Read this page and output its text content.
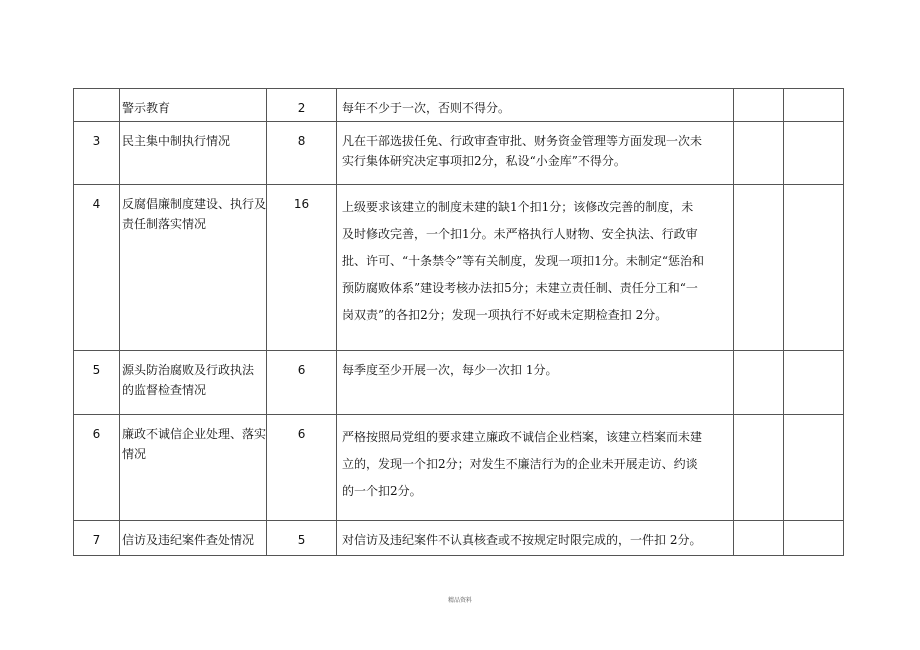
	警示教育	2	每年不少于一次，否则不得分。		

3	民主集中制执行情况	8	凡在干部选拔任免、行政审查审批、财务资金管理等方面发现一次未
实行集体研究决定事项扣2分，私设“小金库”不得分。		

4	反腐倡廉制度建设、执行及
责任制落实情况	16	上级要求该建立的制度未建的缺1个扣1分；该修改完善的制度，未
及时修改完善，一个扣1分。未严格执行人财物、安全执法、行政审
批、许可、“十条禁令”等有关制度，发现一项扣1分。未制定“惩治和
预防腐败体系”建设考核办法扣5分；未建立责任制、责任分工和“一
岗双责”的各扣2分；发现一项执行不好或未定期检查扣 2分。		

5	源头防治腐败及行政执法
的监督检查情况	6	每季度至少开展一次，每少一次扣 1分。		

6	廉政不诚信企业处理、落实
情况	6	严格按照局党组的要求建立廉政不诚信企业档案，该建立档案而未建
立的，发现一个扣2分；对发生不廉洁行为的企业未开展走访、约谈
的一个扣2分。		

7	信访及违纪案件查处情况	5	对信访及违纪案件不认真核查或不按规定时限完成的，一件扣 2分。		

精品资料
